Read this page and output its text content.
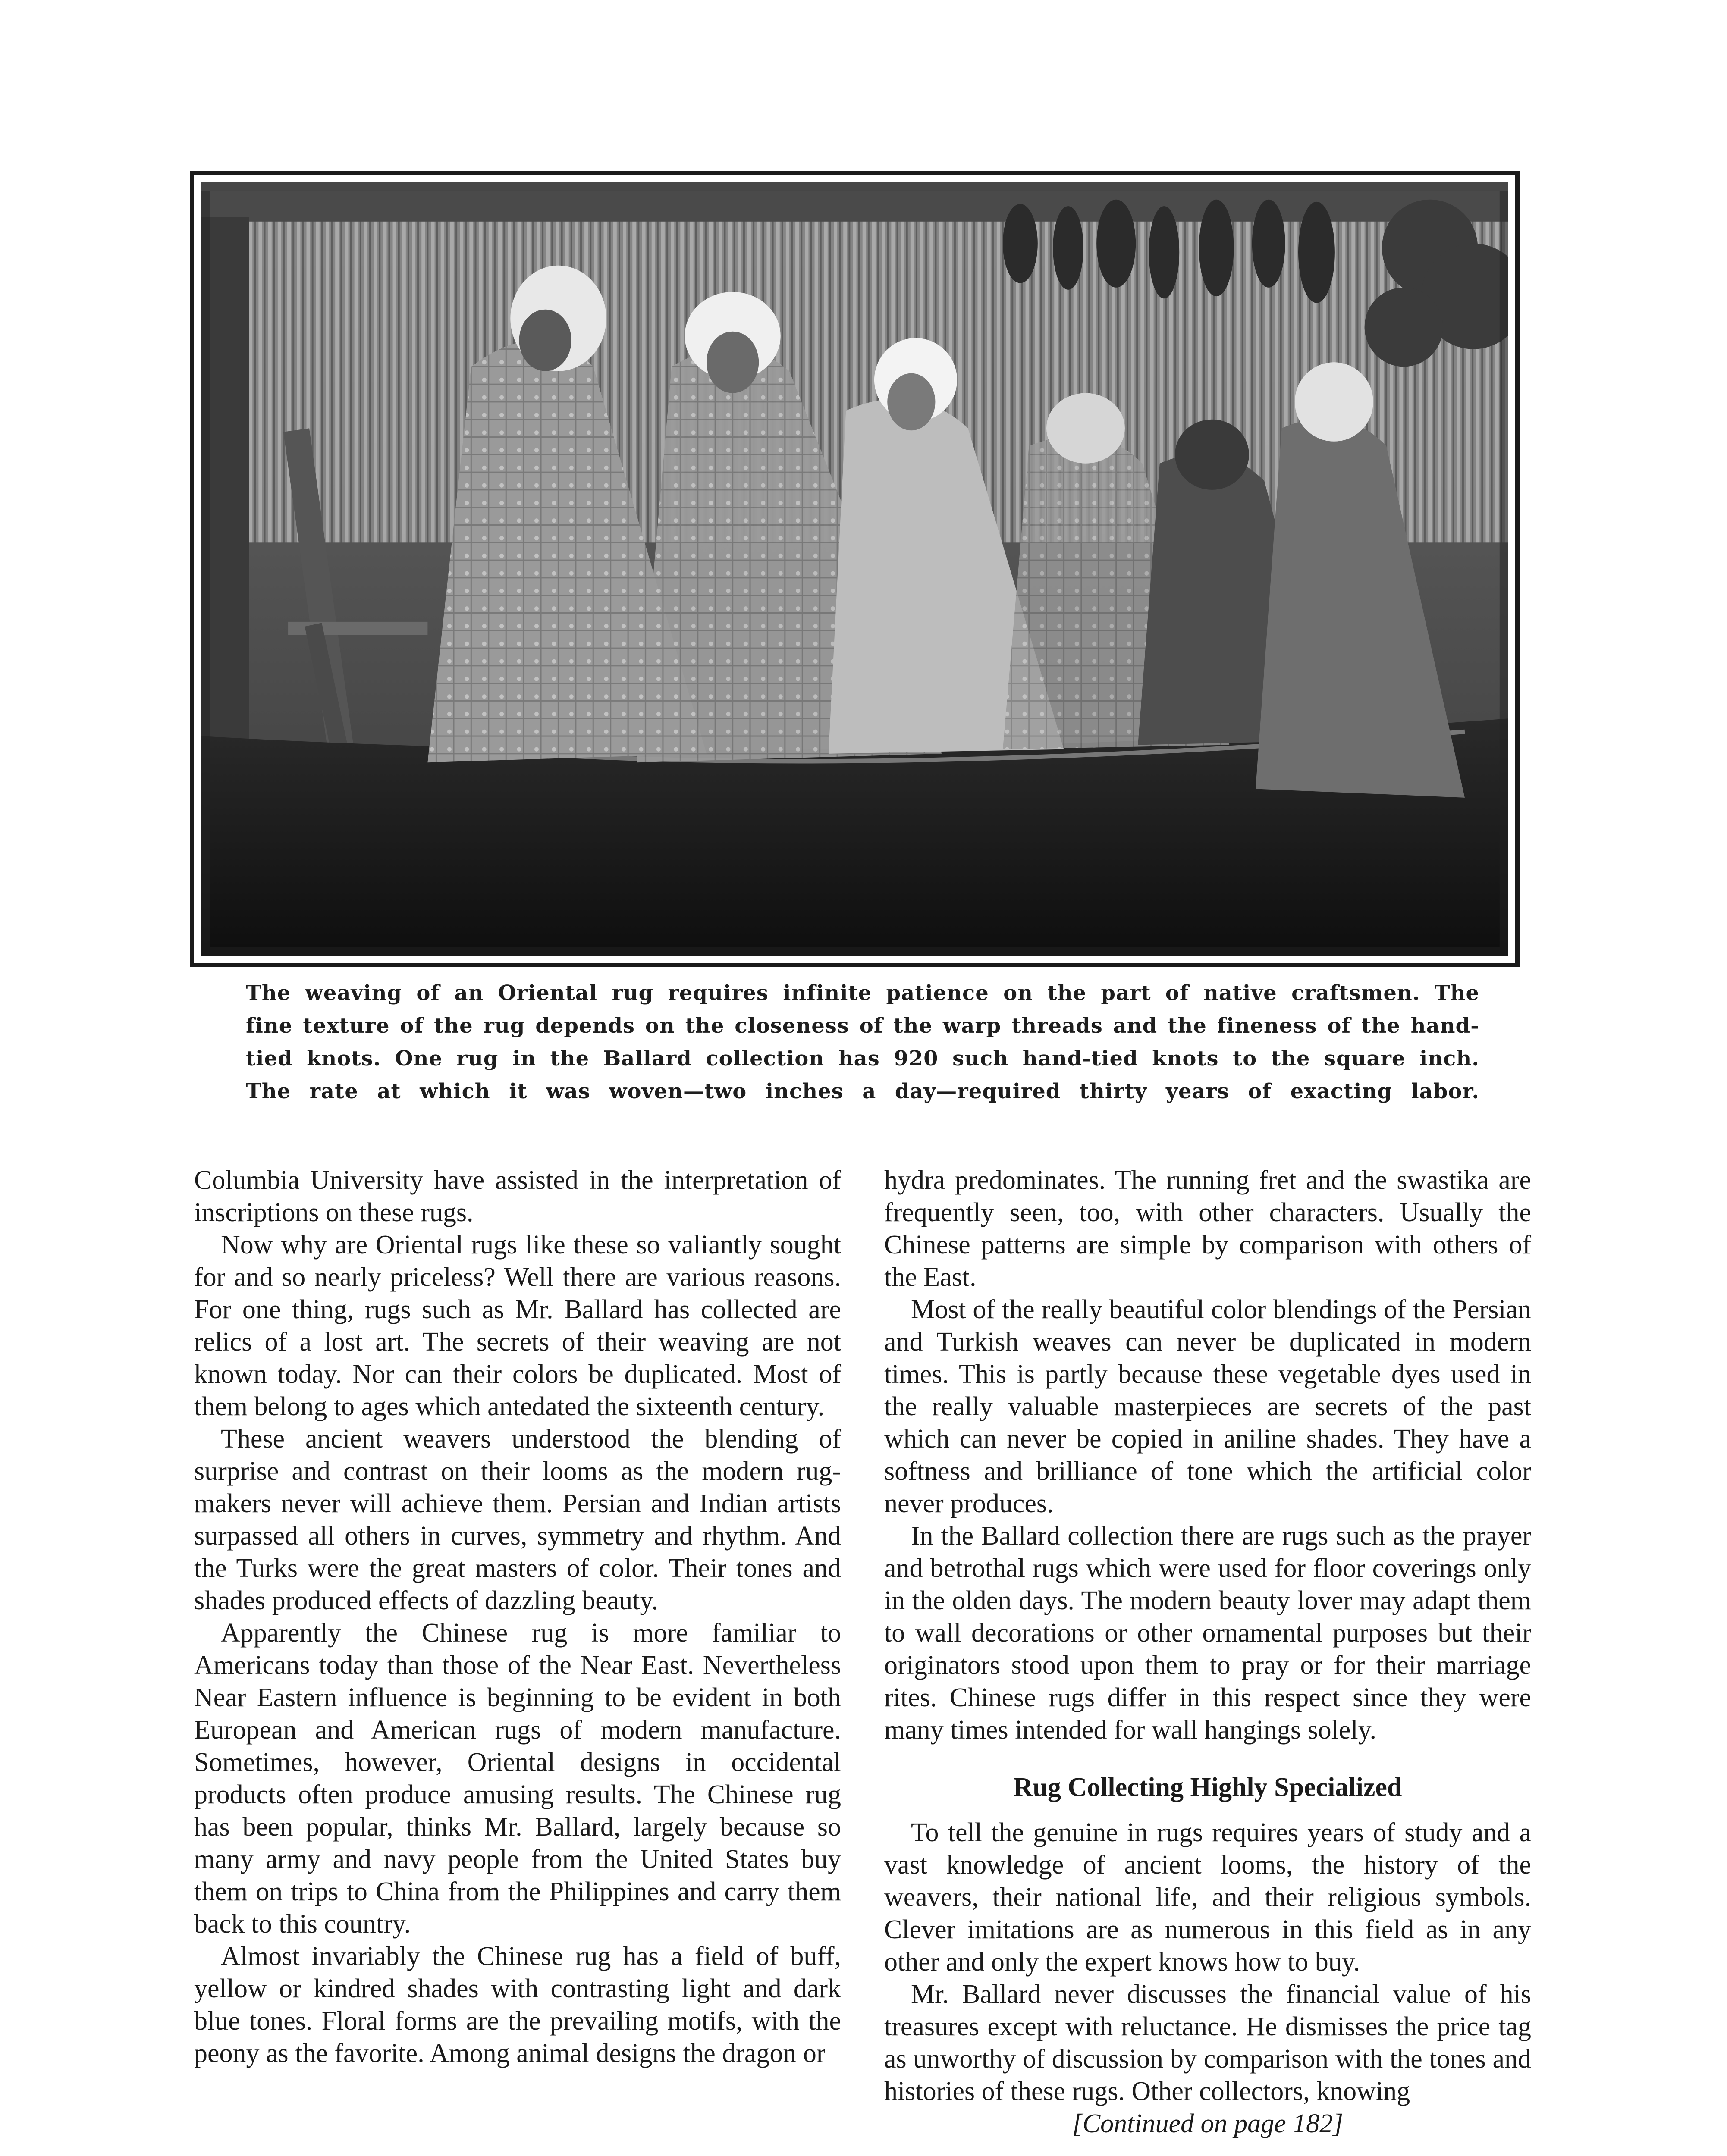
The weaving of an Oriental rug requires infinite patience on the part of native craftsmen. The
fine texture of the rug depends on the closeness of the warp threads and the fineness of the hand-
tied knots. One rug in the Ballard collection has 920 such hand-tied knots to the square inch.
The rate at which it was woven—two inches a day—required thirty years of exacting labor.

Columbia University have assisted in the interpretation of inscriptions on these rugs.

Now why are Oriental rugs like these so valiantly sought for and so nearly priceless? Well there are various reasons. For one thing, rugs such as Mr. Ballard has collected are relics of a lost art. The secrets of their weaving are not known today. Nor can their colors be duplicated. Most of them belong to ages which antedated the sixteenth century.

These ancient weavers understood the blending of surprise and contrast on their looms as the modern rug-makers never will achieve them. Persian and Indian artists surpassed all others in curves, symmetry and rhythm. And the Turks were the great masters of color. Their tones and shades produced effects of dazzling beauty.

Apparently the Chinese rug is more familiar to Americans today than those of the Near East. Nevertheless Near Eastern influence is beginning to be evident in both European and American rugs of modern manufacture. Sometimes, however, Oriental designs in occidental products often produce amusing results. The Chinese rug has been popular, thinks Mr. Ballard, largely because so many army and navy people from the United States buy them on trips to China from the Philippines and carry them back to this country.

Almost invariably the Chinese rug has a field of buff, yellow or kindred shades with contrasting light and dark blue tones. Floral forms are the prevailing motifs, with the peony as the favorite. Among animal designs the dragon or

hydra predominates. The running fret and the swastika are frequently seen, too, with other characters. Usually the Chinese patterns are simple by comparison with others of the East.

Most of the really beautiful color blendings of the Persian and Turkish weaves can never be duplicated in modern times. This is partly because these vegetable dyes used in the really valuable masterpieces are secrets of the past which can never be copied in aniline shades. They have a softness and brilliance of tone which the artificial color never produces.

In the Ballard collection there are rugs such as the prayer and betrothal rugs which were used for floor coverings only in the olden days. The modern beauty lover may adapt them to wall decorations or other ornamental purposes but their originators stood upon them to pray or for their marriage rites. Chinese rugs differ in this respect since they were many times intended for wall hangings solely.

Rug Collecting Highly Specialized

To tell the genuine in rugs requires years of study and a vast knowledge of ancient looms, the history of the weavers, their national life, and their religious symbols. Clever imitations are as numerous in this field as in any other and only the expert knows how to buy.

Mr. Ballard never discusses the financial value of his treasures except with reluctance. He dismisses the price tag as unworthy of discussion by comparison with the tones and histories of these rugs. Other collectors, knowing

[Continued on page 182]
